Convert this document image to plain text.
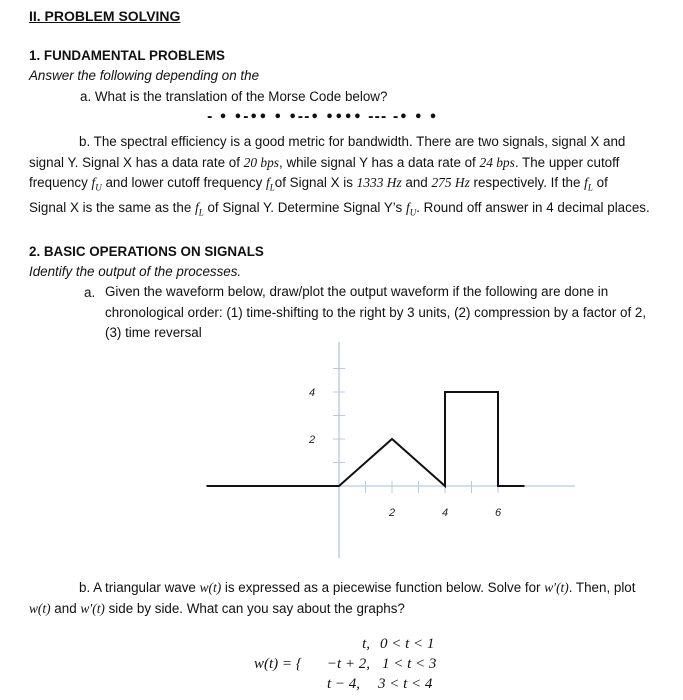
II. PROBLEM SOLVING
1. FUNDAMENTAL PROBLEMS
Answer the following depending on the
a. What is the translation of the Morse Code below?
- • •-•• • •--• •••• --- -• • •
b. The spectral efficiency is a good metric for bandwidth. There are two signals, signal X and
signal Y. Signal X has a data rate of 20 bps, while signal Y has a data rate of 24 bps. The upper cutoff
frequency $f_U$ and lower cutoff frequency $f_Lof$ Signal X is 1333 Hz and 275 Hz respectively. If the $f_L$ of
Signal X is the same as the $f_L$ of Signal Y. Determine Signal Y’s $f_U$. Round off answer in 4 decimal places.
2. BASIC OPERATIONS ON SIGNALS
Identify the output of the processes.
a. Given the waveform below, draw/plot the output waveform if the following are done in
chronological order: (1) time-shifting to the right by 3 units, (2) compression by a factor of 2,
(3) time reversal
2	4	6
2
4
b. A triangular wave w(t) is expressed as a piecewise function below. Solve for w′(t). Then, plot
w(t) and w′(t) side by side. What can you say about the graphs?
w(t) = {
t, 0 < t < 1
−t + 2, 1 < t < 3
t − 4,	3 < t < 4
